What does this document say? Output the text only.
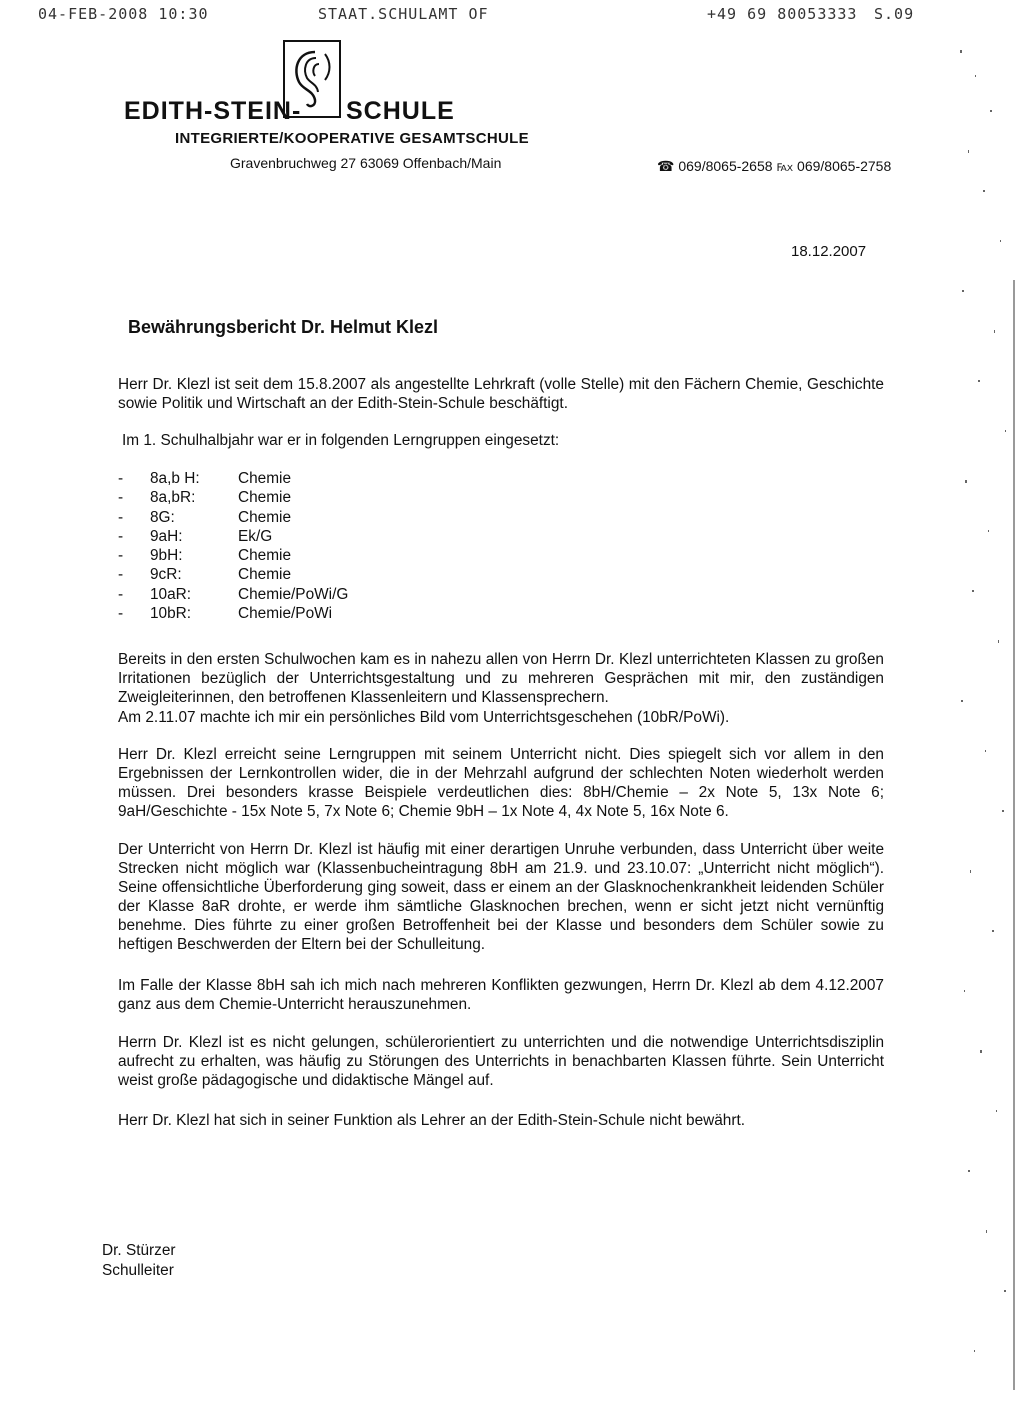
04-FEB-2008 10:30	STAAT.SCHULAMT OF	+49 69 80053333 S.09
EDITH-STEIN- SCHULE
INTEGRIERTE/KOOPERATIVE GESAMTSCHULE
Gravenbruchweg 27 63069 Offenbach/Main	☎ 069/8065-2658 ℻ 069/8065-2758
18.12.2007
Bewährungsbericht Dr. Helmut Klezl
Herr Dr. Klezl ist seit dem 15.8.2007 als angestellte Lehrkraft (volle Stelle) mit den Fächern Chemie, Geschichte sowie Politik und Wirtschaft an der Edith-Stein-Schule beschäftigt.
Im 1. Schulhalbjahr war er in folgenden Lerngruppen eingesetzt:
-	8a,b H:	Chemie
-	8a,bR:	Chemie
-	8G:	Chemie
-	9aH:	Ek/G
-	9bH:	Chemie
-	9cR:	Chemie
-	10aR:	Chemie/PoWi/G
-	10bR:	Chemie/PoWi
Bereits in den ersten Schulwochen kam es in nahezu allen von Herrn Dr. Klezl unterrichteten Klassen zu großen Irritationen bezüglich der Unterrichtsgestaltung und zu mehreren Gesprächen mit mir, den zuständigen Zweigleiterinnen, den betroffenen Klassenleitern und Klassensprechern.
Am 2.11.07 machte ich mir ein persönliches Bild vom Unterrichtsgeschehen (10bR/PoWi).
Herr Dr. Klezl erreicht seine Lerngruppen mit seinem Unterricht nicht. Dies spiegelt sich vor allem in den Ergebnissen der Lernkontrollen wider, die in der Mehrzahl aufgrund der schlechten Noten wiederholt werden müssen. Drei besonders krasse Beispiele verdeutlichen dies: 8bH/Chemie – 2x Note 5, 13x Note 6; 9aH/Geschichte - 15x Note 5, 7x Note 6; Chemie 9bH – 1x Note 4, 4x Note 5, 16x Note 6.
Der Unterricht von Herrn Dr. Klezl ist häufig mit einer derartigen Unruhe verbunden, dass Unterricht über weite Strecken nicht möglich war (Klassenbucheintragung 8bH am 21.9. und 23.10.07: „Unterricht nicht möglich“). Seine offensichtliche Überforderung ging soweit, dass er einem an der Glasknochenkrankheit leidenden Schüler der Klasse 8aR drohte, er werde ihm sämtliche Glasknochen brechen, wenn er sicht jetzt nicht vernünftig benehme. Dies führte zu einer großen Betroffenheit bei der Klasse und besonders dem Schüler sowie zu heftigen Beschwerden der Eltern bei der Schulleitung.
Im Falle der Klasse 8bH sah ich mich nach mehreren Konflikten gezwungen, Herrn Dr. Klezl ab dem 4.12.2007 ganz aus dem Chemie-Unterricht herauszunehmen.
Herrn Dr. Klezl ist es nicht gelungen, schülerorientiert zu unterrichten und die notwendige Unterrichtsdisziplin aufrecht zu erhalten, was häufig zu Störungen des Unterrichts in benachbarten Klassen führte. Sein Unterricht weist große pädagogische und didaktische Mängel auf.
Herr Dr. Klezl hat sich in seiner Funktion als Lehrer an der Edith-Stein-Schule nicht bewährt.
Dr. Stürzer
Schulleiter
